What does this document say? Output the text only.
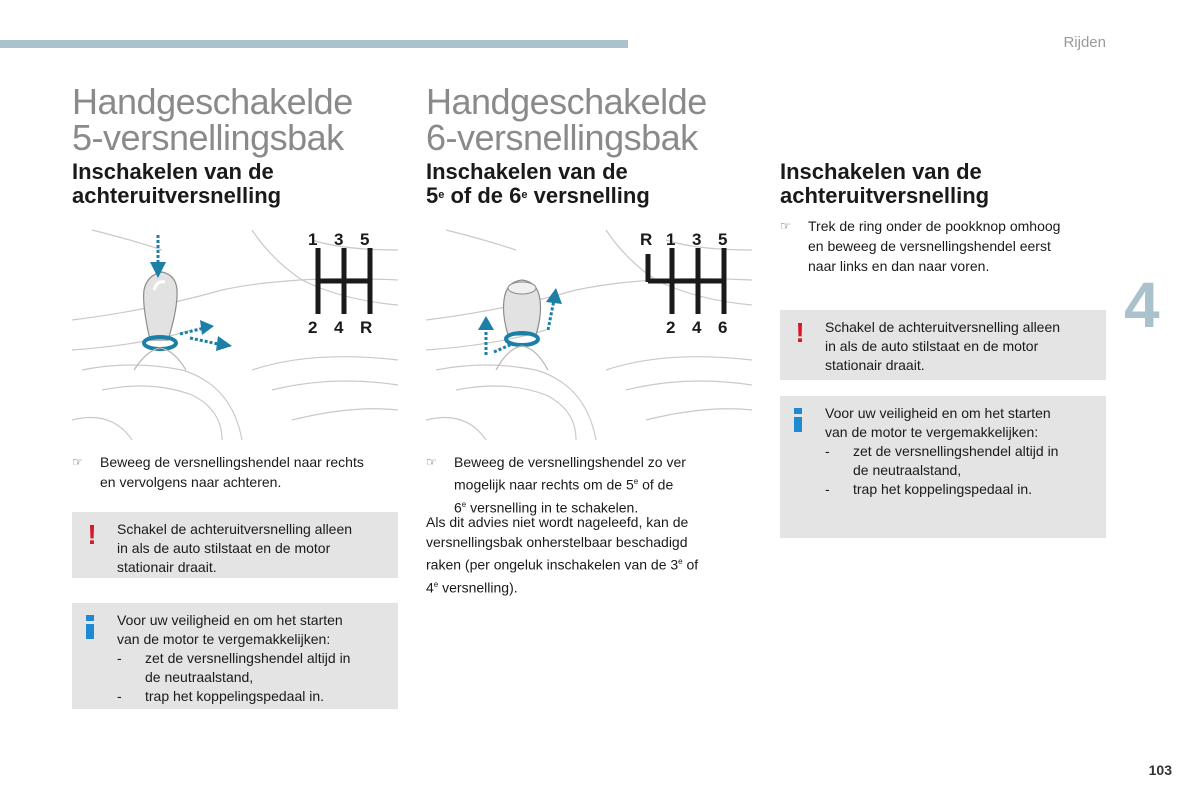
Rijden
4
103
Handgeschakelde
5-versnellingsbak
Inschakelen van de
achteruitversnelling
1 3 5
2 4 R
☞	Beweeg de versnellingshendel naar rechts
en vervolgens naar achteren.
! Schakel de achteruitversnelling alleen
in als de auto stilstaat en de motor
stationair draait.
Voor uw veiligheid en om het starten
van de motor te vergemakkelijken:
- zet de versnellingshendel altijd in
de neutraalstand,
- trap het koppelingspedaal in.
Handgeschakelde
6-versnellingsbak
Inschakelen van de
5e of de 6e versnelling
R 1 3 5
2 4 6
☞	Beweeg de versnellingshendel zo ver
mogelijk naar rechts om de 5e of de
6e versnelling in te schakelen.
Als dit advies niet wordt nageleefd, kan de
versnellingsbak onherstelbaar beschadigd
raken (per ongeluk inschakelen van de 3e of
4e versnelling).
Inschakelen van de
achteruitversnelling
☞	Trek de ring onder de pookknop omhoog
en beweeg de versnellingshendel eerst
naar links en dan naar voren.
! Schakel de achteruitversnelling alleen
in als de auto stilstaat en de motor
stationair draait.
Voor uw veiligheid en om het starten
van de motor te vergemakkelijken:
- zet de versnellingshendel altijd in
de neutraalstand,
- trap het koppelingspedaal in.
